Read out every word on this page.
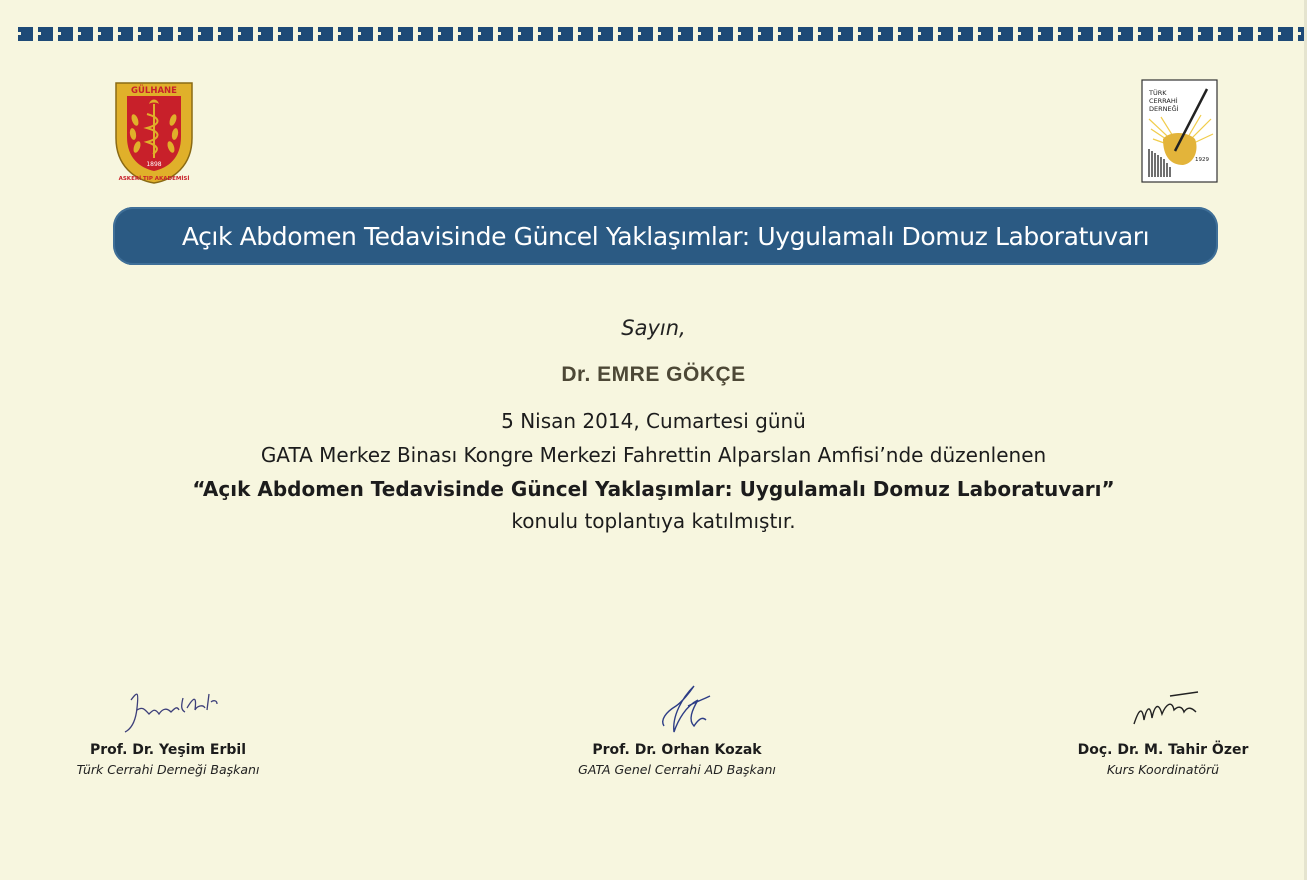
GÜLHANE
1898
ASKERİ TIP AKADEMİSİ
TÜRK
CERRAHİ
DERNEĞİ
1929
Açık Abdomen Tedavisinde Güncel Yaklaşımlar: Uygulamalı Domuz Laboratuvarı
Sayın,
Dr. EMRE GÖKÇE
5 Nisan 2014, Cumartesi günü
GATA Merkez Binası Kongre Merkezi Fahrettin Alparslan Amfisi’nde düzenlenen
“Açık Abdomen Tedavisinde Güncel Yaklaşımlar: Uygulamalı Domuz Laboratuvarı”
konulu toplantıya katılmıştır.
Prof. Dr. Yeşim Erbil
Türk Cerrahi Derneği Başkanı
Prof. Dr. Orhan Kozak
GATA Genel Cerrahi AD Başkanı
Doç. Dr. M. Tahir Özer
Kurs Koordinatörü
